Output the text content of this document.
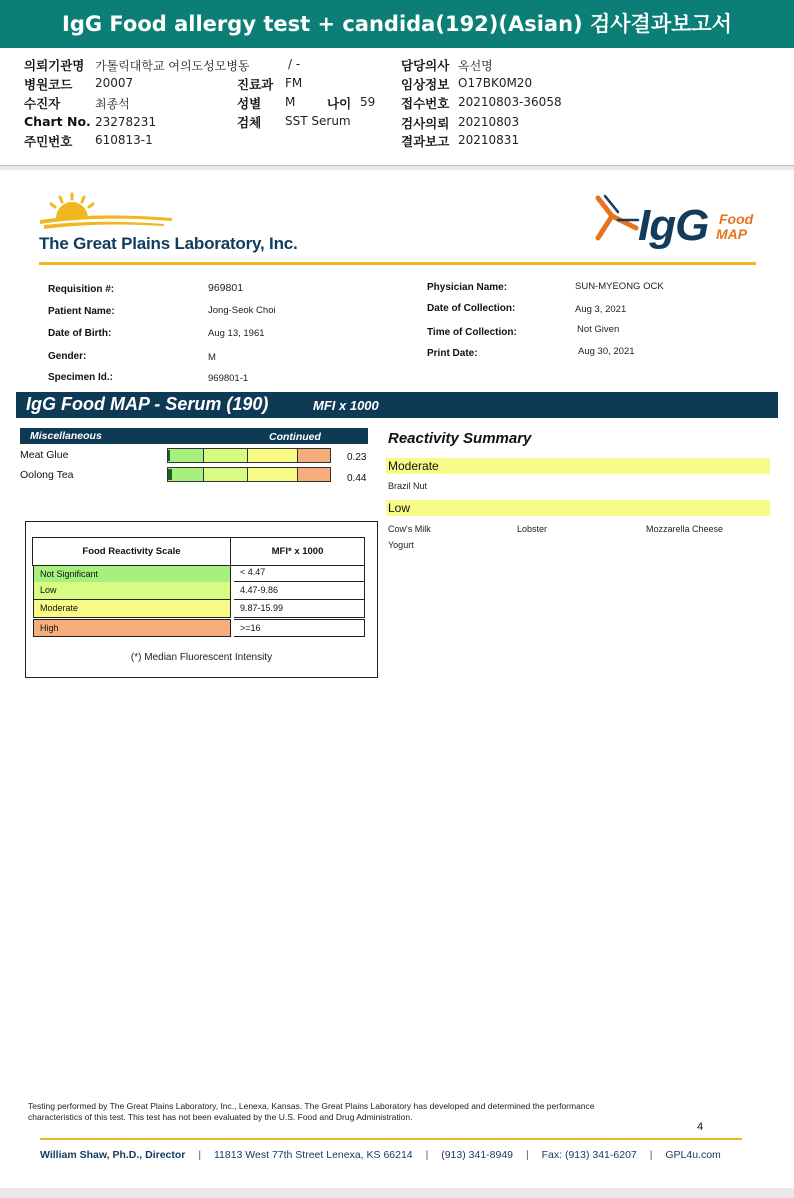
IgG Food allergy test + candida(192)(Asian) 검사결과보고서
의뢰기관명 가톨릭대학교 여의도성모병동
병원코드 20007
수진자	최종석
Chart No. 23278231
주민번호 610813-1
/ -
진료과 FM
성별 M	나이 59
검체 SST Serum
담당의사 옥선명
임상정보 O17BK0M20
접수번호 20210803-36058
검사의뢰 20210803
결과보고 20210831
The Great Plains Laboratory, Inc.	IgG Food
MAP
Requisition #:	969801
Patient Name:	Jong-Seok Choi
Date of Birth:	Aug 13, 1961
Gender:	M
Specimen Id.:	969801-1
Physician Name:	SUN-MYEONG OCK
Date of Collection:	Aug 3, 2021
Time of Collection:	Not Given
Print Date:	Aug 30, 2021
IgG Food MAP - Serum (190)	MFI x 1000
Miscellaneous	Continued
Meat Glue	0.23
Oolong Tea	0.44
Reactivity Summary
Moderate
Brazil Nut
Low
Cow's Milk	Lobster	Mozzarella Cheese
Yogurt
Food Reactivity Scale	MFI* x 1000
Not Significant	< 4.47
Low	4.47-9.86
Moderate	9.87-15.99
High	>=16
(*) Median Fluorescent Intensity
Testing performed by The Great Plains Laboratory, Inc., Lenexa, Kansas. The Great Plains Laboratory has developed and determined the performance
characteristics of this test. This test has not been evaluated by the U.S. Food and Drug Administration.
4
William Shaw, Ph.D., Director | 11813 West 77th Street Lenexa, KS 66214 | (913) 341-8949 | Fax: (913) 341-6207 | GPL4u.com
